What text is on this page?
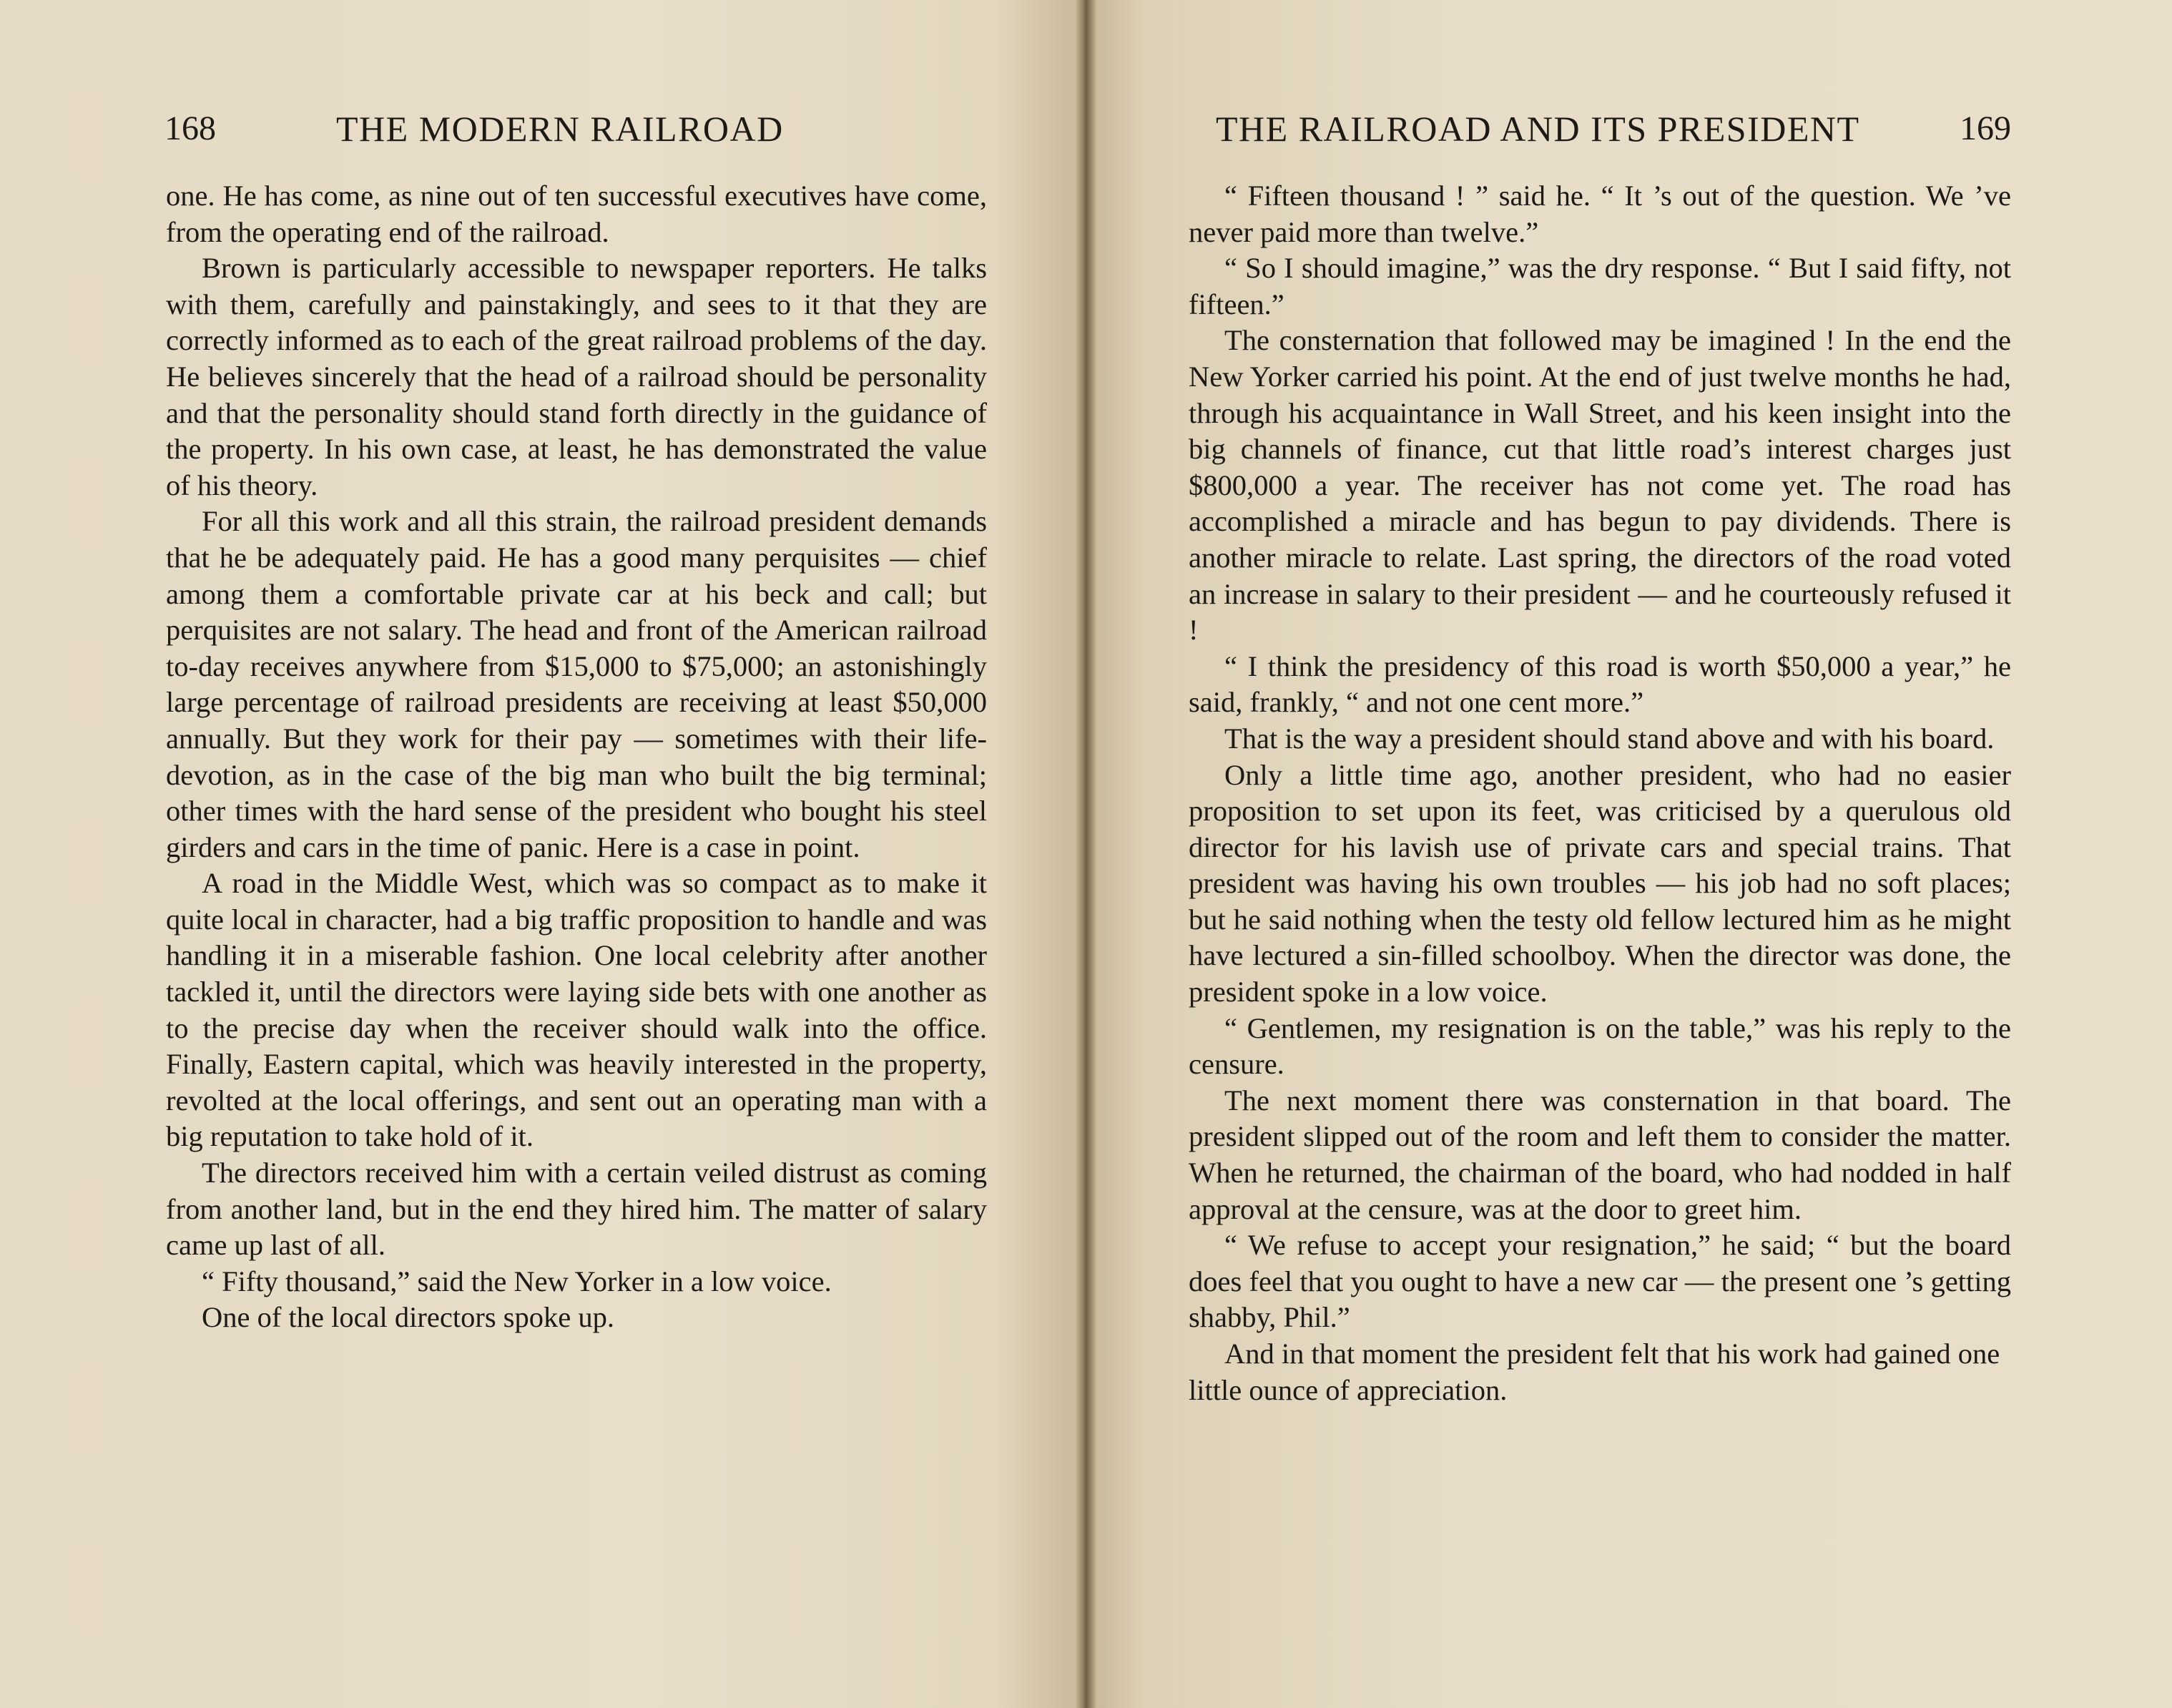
168	THE MODERN RAILROAD

one. He has come, as nine out of ten successful executives have come, from the operating end of the railroad.

Brown is particularly accessible to newspaper reporters. He talks with them, carefully and painstakingly, and sees to it that they are correctly informed as to each of the great railroad problems of the day. He believes sincerely that the head of a railroad should be personality and that the personality should stand forth directly in the guidance of the property. In his own case, at least, he has demonstrated the value of his theory.

For all this work and all this strain, the railroad president demands that he be adequately paid. He has a good many perquisites — chief among them a comfortable private car at his beck and call; but perquisites are not salary. The head and front of the American railroad to-day receives anywhere from $15,000 to $75,000; an astonishingly large percentage of railroad presidents are receiving at least $50,000 annually. But they work for their pay — sometimes with their life-devotion, as in the case of the big man who built the big terminal; other times with the hard sense of the president who bought his steel girders and cars in the time of panic. Here is a case in point.

A road in the Middle West, which was so compact as to make it quite local in character, had a big traffic proposition to handle and was handling it in a miserable fashion. One local celebrity after another tackled it, until the directors were laying side bets with one another as to the precise day when the receiver should walk into the office. Finally, Eastern capital, which was heavily interested in the property, revolted at the local offerings, and sent out an operating man with a big reputation to take hold of it.

The directors received him with a certain veiled distrust as coming from another land, but in the end they hired him. The matter of salary came up last of all.

“ Fifty thousand,” said the New Yorker in a low voice.

One of the local directors spoke up.

THE RAILROAD AND ITS PRESIDENT	169

“ Fifteen thousand ! ” said he. “ It ’s out of the question. We ’ve never paid more than twelve.”

“ So I should imagine,” was the dry response. “ But I said fifty, not fifteen.”

The consternation that followed may be imagined ! In the end the New Yorker carried his point. At the end of just twelve months he had, through his acquaintance in Wall Street, and his keen insight into the big channels of finance, cut that little road’s interest charges just $800,000 a year. The receiver has not come yet. The road has accomplished a miracle and has begun to pay dividends. There is another miracle to relate. Last spring, the directors of the road voted an increase in salary to their president — and he courteously refused it !

“ I think the presidency of this road is worth $50,000 a year,” he said, frankly, “ and not one cent more.”

That is the way a president should stand above and with his board.

Only a little time ago, another president, who had no easier proposition to set upon its feet, was criticised by a querulous old director for his lavish use of private cars and special trains. That president was having his own troubles — his job had no soft places; but he said nothing when the testy old fellow lectured him as he might have lectured a sin-filled schoolboy. When the director was done, the president spoke in a low voice.

“ Gentlemen, my resignation is on the table,” was his reply to the censure.

The next moment there was consternation in that board. The president slipped out of the room and left them to consider the matter. When he returned, the chairman of the board, who had nodded in half approval at the censure, was at the door to greet him.

“ We refuse to accept your resignation,” he said; “ but the board does feel that you ought to have a new car — the present one ’s getting shabby, Phil.”

And in that moment the president felt that his work had gained one little ounce of appreciation.
